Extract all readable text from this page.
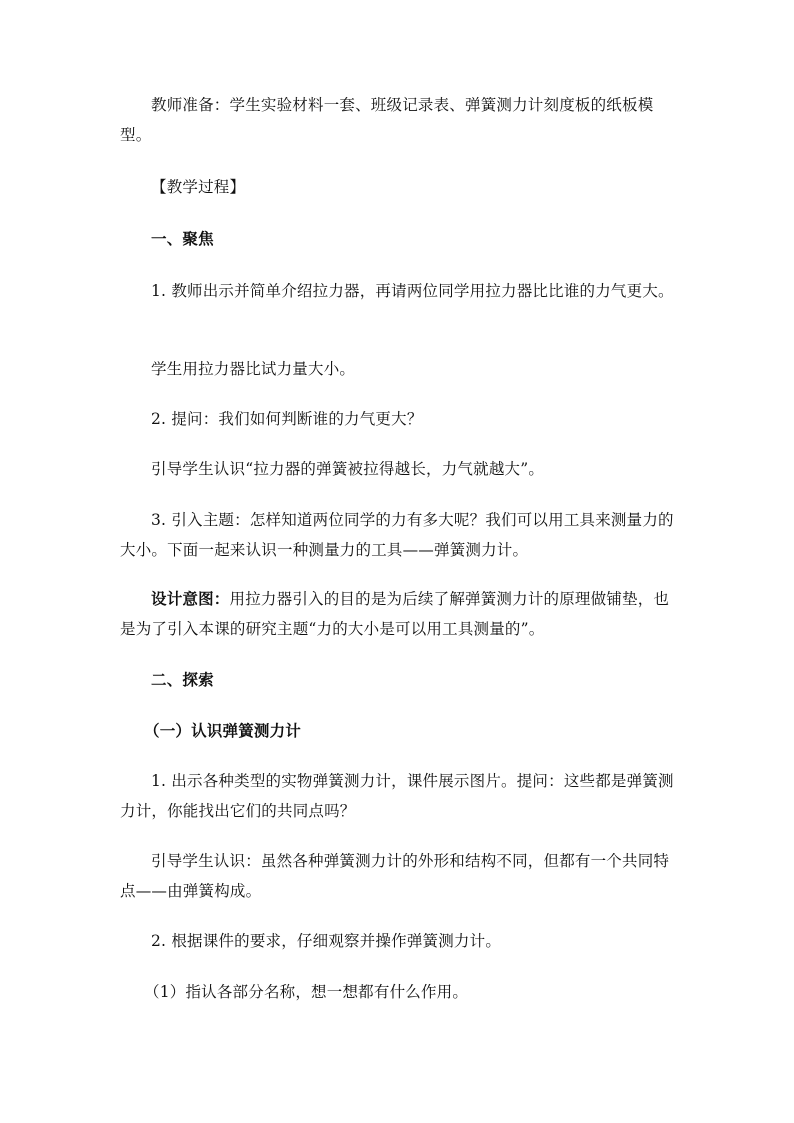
教师准备：学生实验材料一套、班级记录表、弹簧测力计刻度板的纸板模型。
【教学过程】
一、聚焦
1. 教师出示并简单介绍拉力器，再请两位同学用拉力器比比谁的力气更大。
学生用拉力器比试力量大小。
2. 提问：我们如何判断谁的力气更大？
引导学生认识“拉力器的弹簧被拉得越长，力气就越大”。
3. 引入主题：怎样知道两位同学的力有多大呢？我们可以用工具来测量力的大小。下面一起来认识一种测量力的工具——弹簧测力计。
设计意图：用拉力器引入的目的是为后续了解弹簧测力计的原理做铺垫，也是为了引入本课的研究主题“力的大小是可以用工具测量的”。
二、探索
（一）认识弹簧测力计
1. 出示各种类型的实物弹簧测力计，课件展示图片。提问：这些都是弹簧测力计，你能找出它们的共同点吗？
引导学生认识：虽然各种弹簧测力计的外形和结构不同，但都有一个共同特点——由弹簧构成。
2. 根据课件的要求，仔细观察并操作弹簧测力计。
（1）指认各部分名称，想一想都有什么作用。
